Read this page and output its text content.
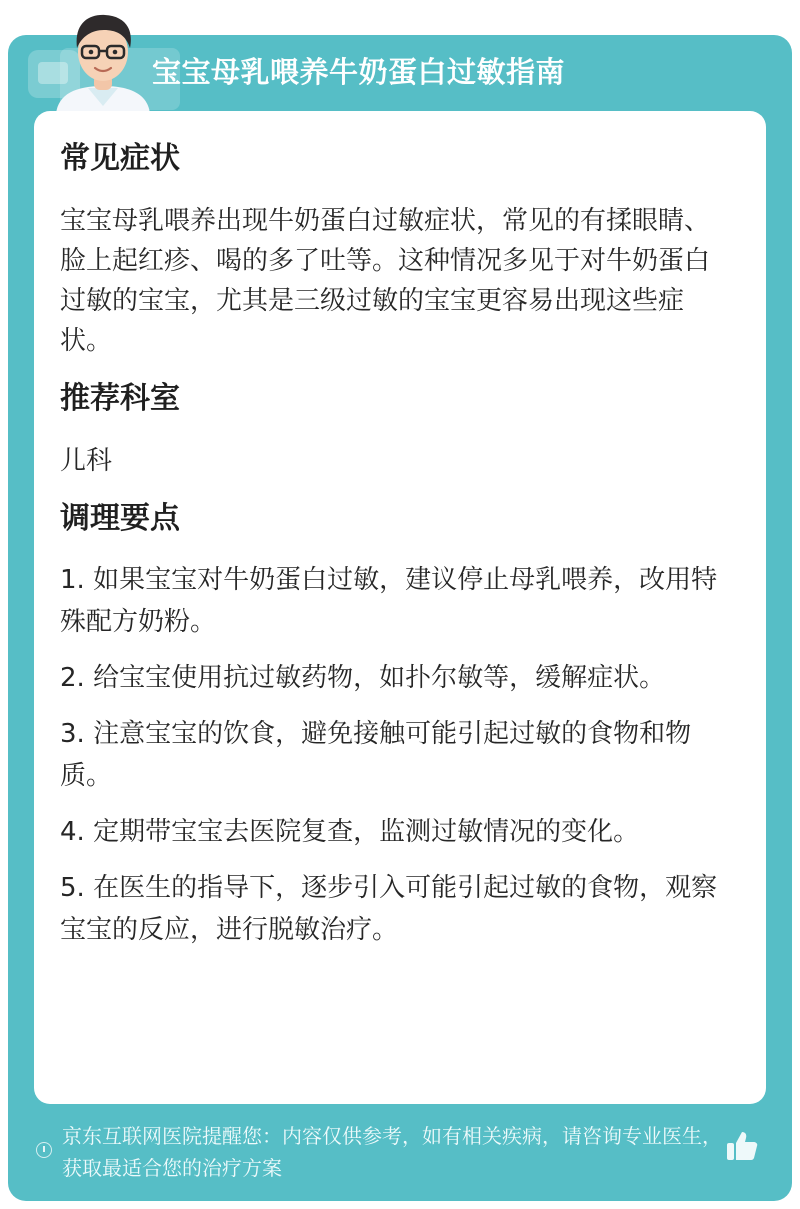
宝宝母乳喂养牛奶蛋白过敏指南
常见症状

宝宝母乳喂养出现牛奶蛋白过敏症状，常见的有揉眼睛、脸上起红疹、喝的多了吐等。这种情况多见于对牛奶蛋白过敏的宝宝，尤其是三级过敏的宝宝更容易出现这些症状。

推荐科室

儿科

调理要点

1. 如果宝宝对牛奶蛋白过敏，建议停止母乳喂养，改用特殊配方奶粉。

2. 给宝宝使用抗过敏药物，如扑尔敏等，缓解症状。

3. 注意宝宝的饮食，避免接触可能引起过敏的食物和物质。

4. 定期带宝宝去医院复查，监测过敏情况的变化。

5. 在医生的指导下，逐步引入可能引起过敏的食物，观察宝宝的反应，进行脱敏治疗。

京东互联网医院提醒您：内容仅供参考，如有相关疾病，请咨询专业医生，获取最适合您的治疗方案
